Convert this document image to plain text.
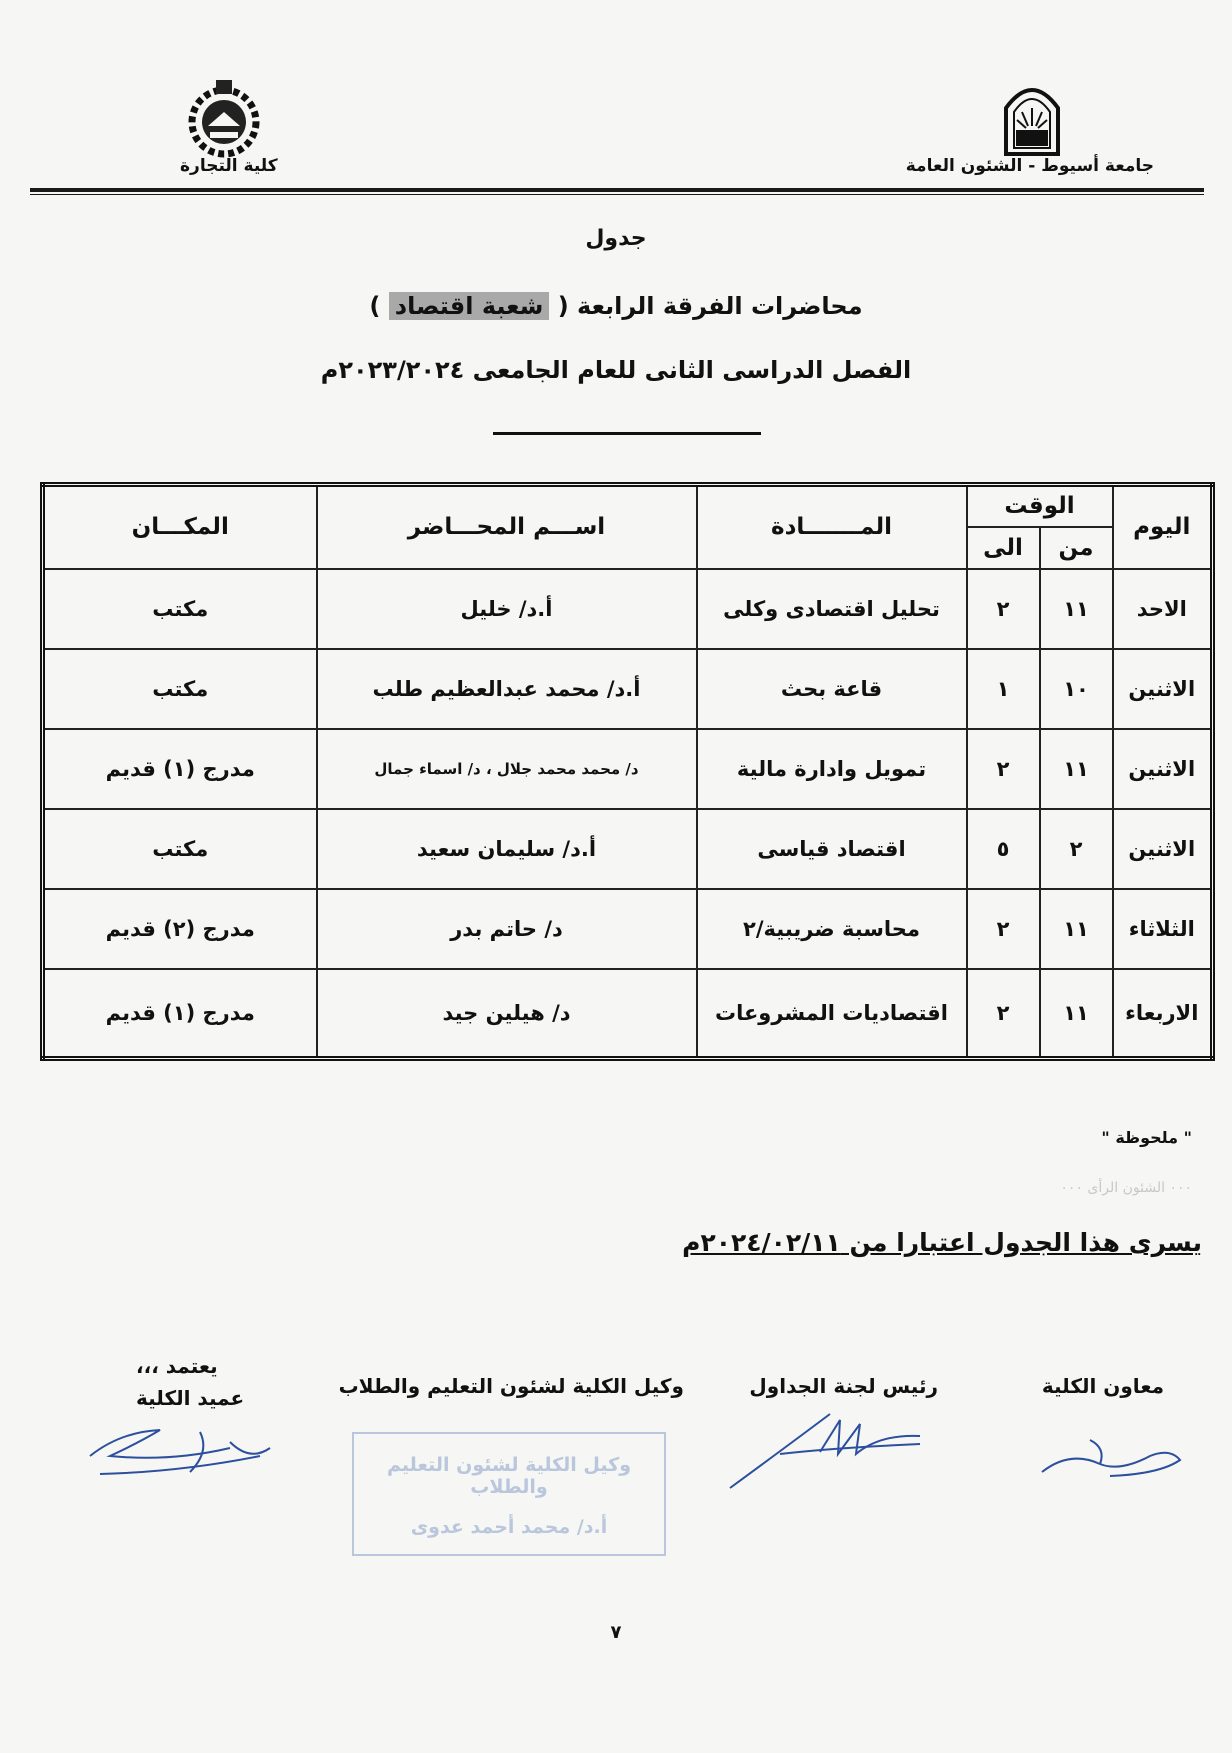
جامعة أسيوط - الشئون العامة
كلية التجارة
جدول
محاضرات الفرقة الرابعة ( شعبة اقتصاد )
الفصل الدراسى الثانى للعام الجامعى ٢٠٢٣/٢٠٢٤م
اليوم	الوقت		المـــــــادة	اســـم المحـــاضر	المكـــان
	من	الى			
الاحد	١١	٢	تحليل اقتصادى وكلى	أ.د/ خليل	مكتب
الاثنين	١٠	١	قاعة بحث	أ.د/ محمد عبدالعظيم طلب	مكتب
الاثنين	١١	٢	تمويل وادارة مالية	د/ محمد محمد جلال ، د/ اسماء جمال	مدرج (١) قديم
الاثنين	٢	٥	اقتصاد قياسى	أ.د/ سليمان سعيد	مكتب
الثلاثاء	١١	٢	محاسبة ضريبية/٢	د/ حاتم بدر	مدرج (٢) قديم
الاربعاء	١١	٢	اقتصاديات المشروعات	د/ هيلين جيد	مدرج (١) قديم
" ملحوظة "
٠٠٠ الشئون الرأى ٠٠٠
يسرى هذا الجدول اعتبارا من ٢٠٢٤/٠٢/١١م
معاون الكلية
رئيس لجنة الجداول
وكيل الكلية لشئون التعليم والطلاب
يعتمد ،،،
عميد الكلية
وكيل الكلية لشئون التعليم والطلاب
أ.د/ محمد أحمد عدوى
٧
